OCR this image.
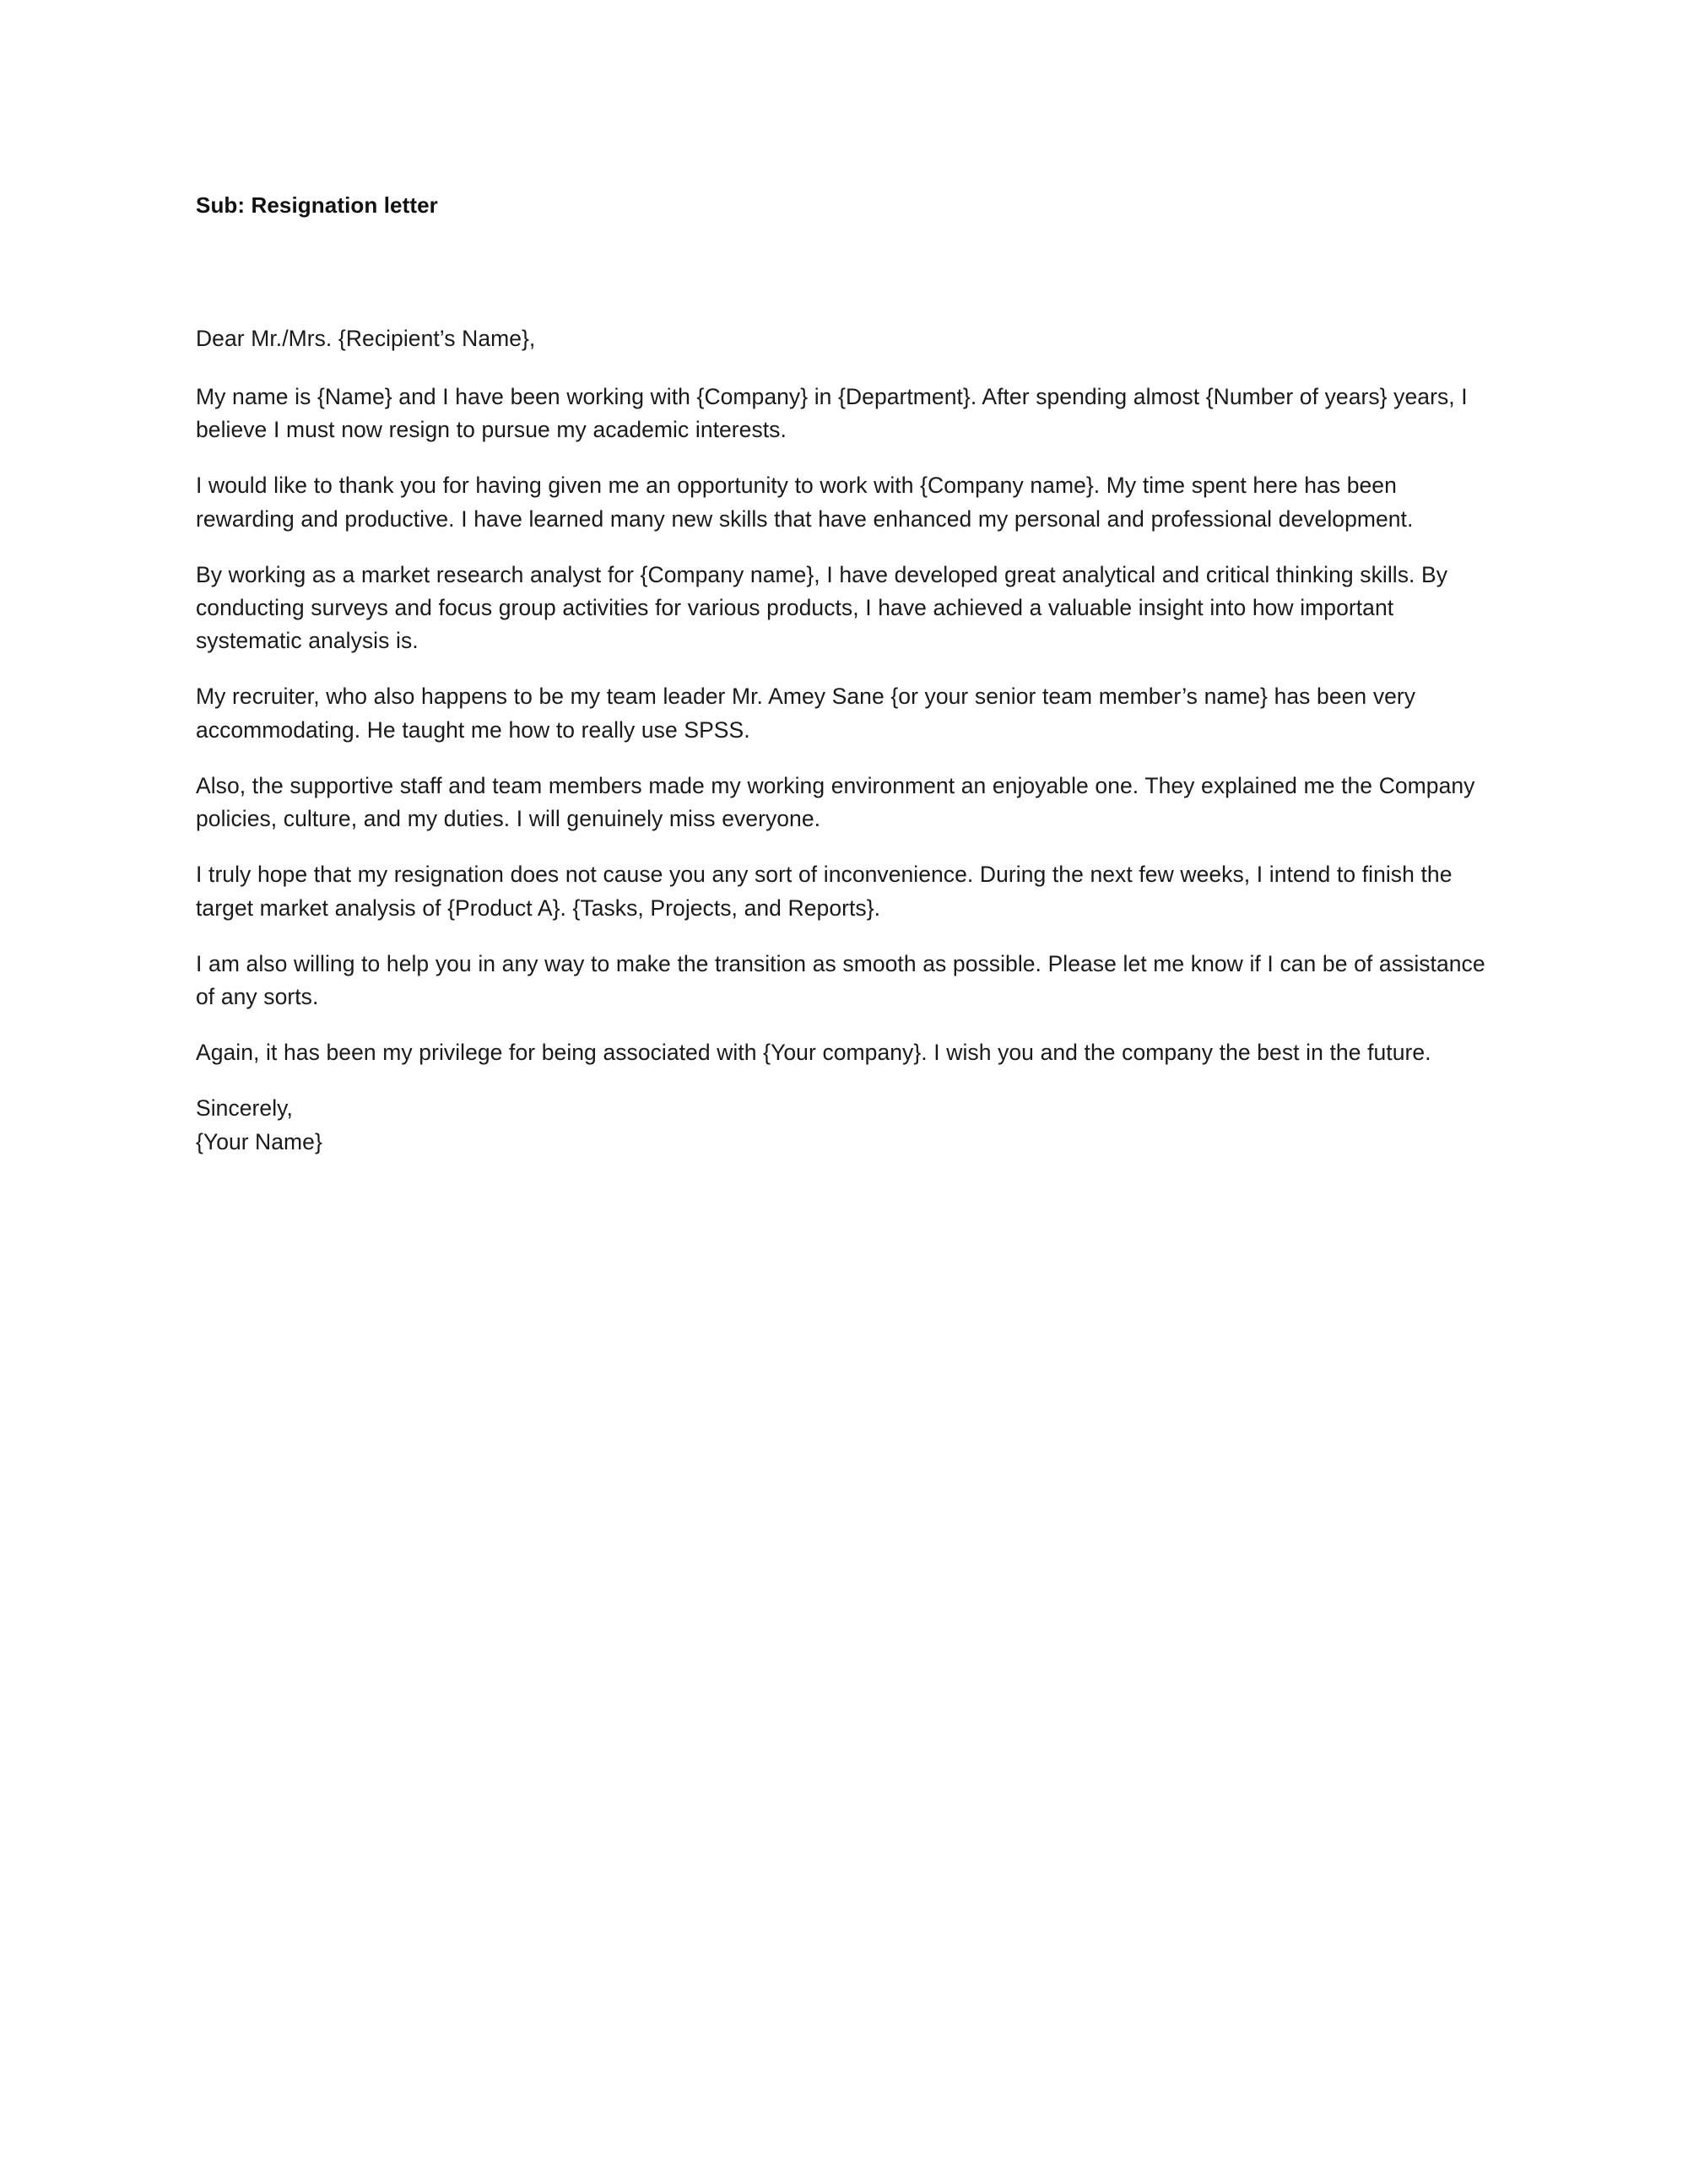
Sub: Resignation letter

Dear Mr./Mrs. {Recipient’s Name},

My name is {Name} and I have been working with {Company} in {Department}. After spending almost {Number of years} years, I believe I must now resign to pursue my academic interests.

I would like to thank you for having given me an opportunity to work with {Company name}. My time spent here has been rewarding and productive. I have learned many new skills that have enhanced my personal and professional development.

By working as a market research analyst for {Company name}, I have developed great analytical and critical thinking skills. By conducting surveys and focus group activities for various products, I have achieved a valuable insight into how important systematic analysis is.

My recruiter, who also happens to be my team leader Mr. Amey Sane {or your senior team member’s name} has been very accommodating. He taught me how to really use SPSS.

Also, the supportive staff and team members made my working environment an enjoyable one. They explained me the Company policies, culture, and my duties. I will genuinely miss everyone.

I truly hope that my resignation does not cause you any sort of inconvenience. During the next few weeks, I intend to finish the target market analysis of {Product A}. {Tasks, Projects, and Reports}.

I am also willing to help you in any way to make the transition as smooth as possible. Please let me know if I can be of assistance of any sorts.

Again, it has been my privilege for being associated with {Your company}. I wish you and the company the best in the future.

Sincerely,

{Your Name}
